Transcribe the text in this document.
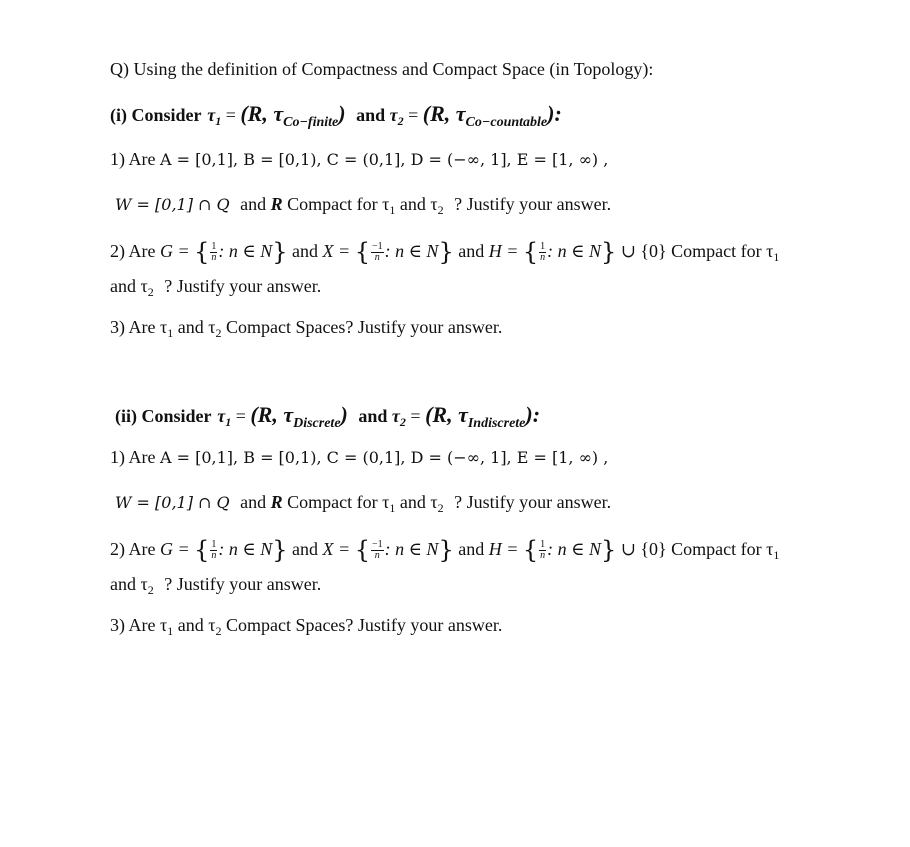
Q) Using the definition of Compactness and Compact Space (in Topology):
(i) Consider   $\tau_1 = (R$, $\tau_{Co-finite}$) and $\tau_2 = (R$, $\tau_{Co-countable}$):
1) Are A = [0,1], B = [0,1), C = (0,1], D = (−∞, 1], E = [1, ∞) ,
W = [0,1] ∩ Q and R Compact for $\tau_1$ and $\tau_2$ ? Justify your answer.
2) Are G = { $\frac{1}{n}$ : n ∈ N} and X = { $\frac{-1}{n}$ : n ∈ N} and H = { $\frac{1}{n}$ : n ∈ N} ∪ {0} Compact for $\tau_1$
and $\tau_2$ ? Justify your answer.
3) Are $\tau_1$ and $\tau_2$ Compact Spaces? Justify your answer.
(ii) Consider   $\tau_1 = (R$, $\tau_{Discrete}$) and $\tau_2 = (R$, $\tau_{Indiscrete}$):
1) Are A = [0,1], B = [0,1), C = (0,1], D = (−∞, 1], E = [1, ∞) ,
W = [0,1] ∩ Q and R Compact for $\tau_1$ and $\tau_2$ ? Justify your answer.
2) Are G = { $\frac{1}{n}$ : n ∈ N} and X = { $\frac{-1}{n}$ : n ∈ N} and H = { $\frac{1}{n}$ : n ∈ N} ∪ {0} Compact for $\tau_1$
and $\tau_2$ ? Justify your answer.
3) Are $\tau_1$ and $\tau_2$ Compact Spaces? Justify your answer.
